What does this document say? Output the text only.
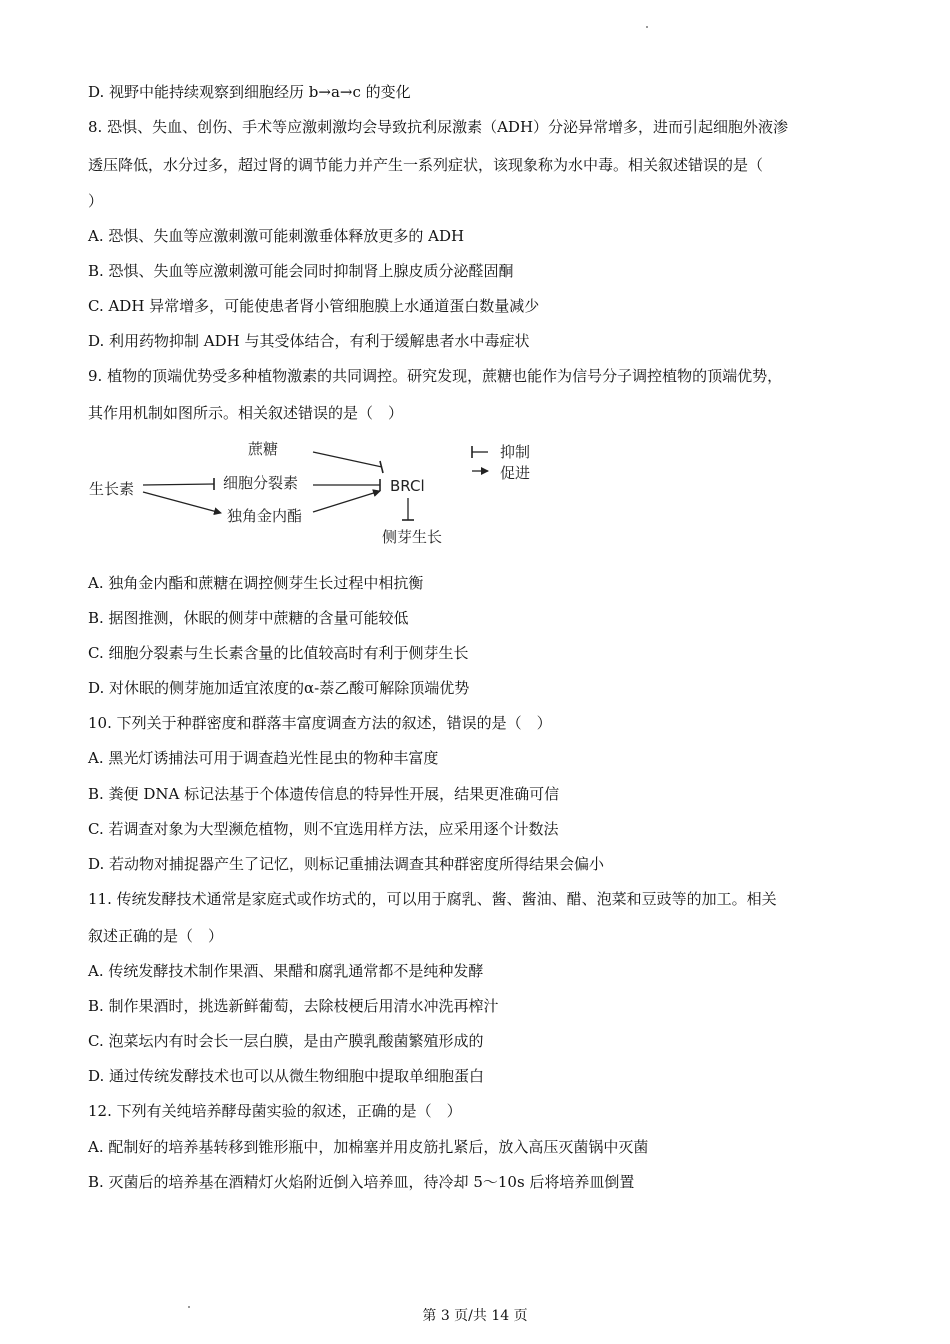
D. 视野中能持续观察到细胞经历 b→a→c 的变化
8. 恐惧、失血、创伤、手术等应激刺激均会导致抗利尿激素（ADH）分泌异常增多，进而引起细胞外液渗
透压降低，水分过多，超过肾的调节能力并产生一系列症状，该现象称为水中毒。相关叙述错误的是（
）
A. 恐惧、失血等应激刺激可能刺激垂体释放更多的 ADH
B. 恐惧、失血等应激刺激可能会同时抑制肾上腺皮质分泌醛固酮
C. ADH 异常增多，可能使患者肾小管细胞膜上水通道蛋白数量减少
D. 利用药物抑制 ADH 与其受体结合，有利于缓解患者水中毒症状
9. 植物的顶端优势受多种植物激素的共同调控。研究发现，蔗糖也能作为信号分子调控植物的顶端优势，
其作用机制如图所示。相关叙述错误的是（　）
蔗糖
生长素	细胞分裂素
独角金内酯
BRCl
侧芽生长
抑制
促进
A. 独角金内酯和蔗糖在调控侧芽生长过程中相抗衡
B. 据图推测，休眠的侧芽中蔗糖的含量可能较低
C. 细胞分裂素与生长素含量的比值较高时有利于侧芽生长
D. 对休眠的侧芽施加适宜浓度的α-萘乙酸可解除顶端优势
10. 下列关于种群密度和群落丰富度调查方法的叙述，错误的是（　）
A. 黑光灯诱捕法可用于调查趋光性昆虫的物种丰富度
B. 粪便 DNA 标记法基于个体遗传信息的特异性开展，结果更准确可信
C. 若调查对象为大型濒危植物，则不宜选用样方法，应采用逐个计数法
D. 若动物对捕捉器产生了记忆，则标记重捕法调查其种群密度所得结果会偏小
11. 传统发酵技术通常是家庭式或作坊式的，可以用于腐乳、酱、酱油、醋、泡菜和豆豉等的加工。相关
叙述正确的是（　）
A. 传统发酵技术制作果酒、果醋和腐乳通常都不是纯种发酵
B. 制作果酒时，挑选新鲜葡萄，去除枝梗后用清水冲洗再榨汁
C. 泡菜坛内有时会长一层白膜，是由产膜乳酸菌繁殖形成的
D. 通过传统发酵技术也可以从微生物细胞中提取单细胞蛋白
12. 下列有关纯培养酵母菌实验的叙述，正确的是（　）
A. 配制好的培养基转移到锥形瓶中，加棉塞并用皮筋扎紧后，放入高压灭菌锅中灭菌
B. 灭菌后的培养基在酒精灯火焰附近倒入培养皿，待冷却 5～10s 后将培养皿倒置
第 3 页/共 14 页
